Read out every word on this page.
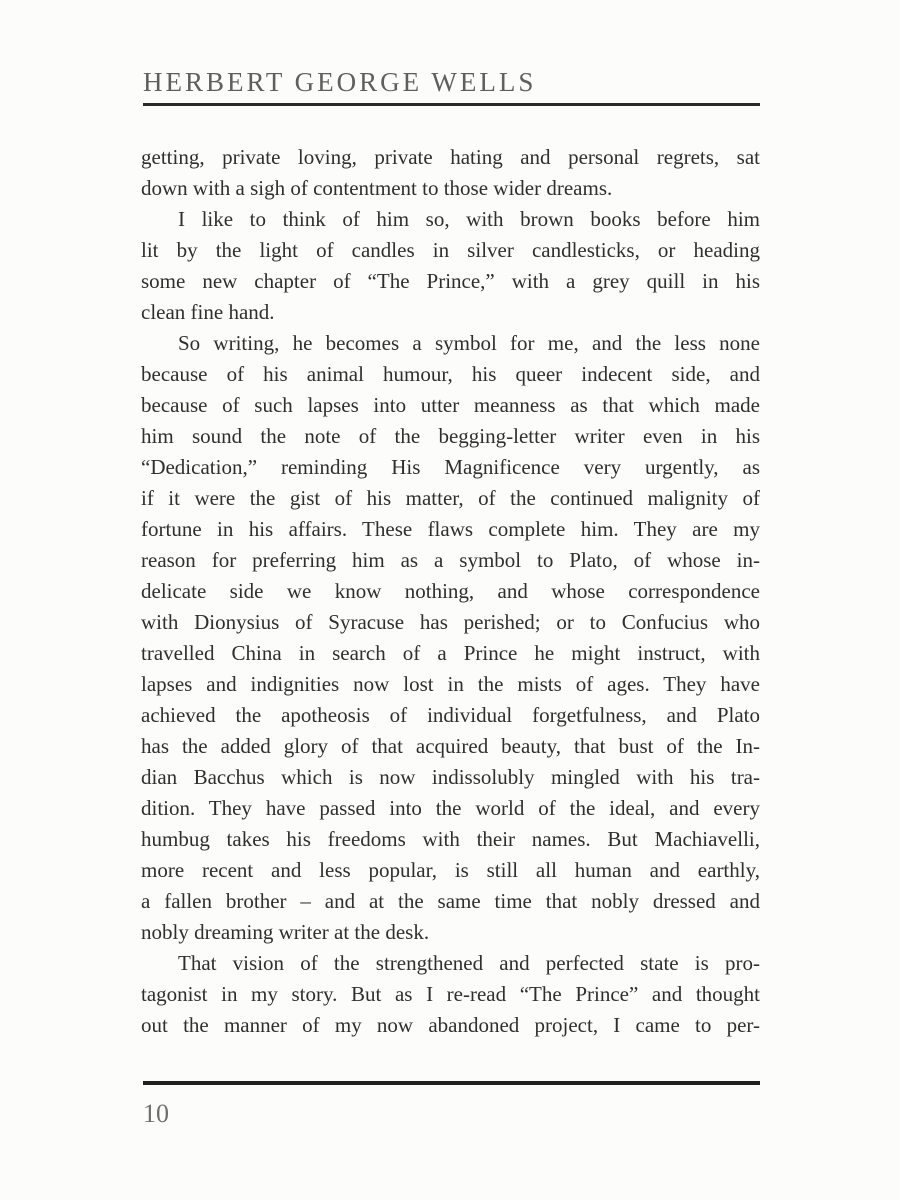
HERBERT GEORGE WELLS
getting, private loving, private hating and personal regrets, sat
down with a sigh of contentment to those wider dreams.
I like to think of him so, with brown books before him
lit by the light of candles in silver candlesticks, or heading
some new chapter of “The Prince,” with a grey quill in his
clean fine hand.
So writing, he becomes a symbol for me, and the less none
because of his animal humour, his queer indecent side, and
because of such lapses into utter meanness as that which made
him sound the note of the begging-letter writer even in his
“Dedication,” reminding His Magnificence very urgently, as
if it were the gist of his matter, of the continued malignity of
fortune in his affairs. These flaws complete him. They are my
reason for preferring him as a symbol to Plato, of whose in-
delicate side we know nothing, and whose correspondence
with Dionysius of Syracuse has perished; or to Confucius who
travelled China in search of a Prince he might instruct, with
lapses and indignities now lost in the mists of ages. They have
achieved the apotheosis of individual forgetfulness, and Plato
has the added glory of that acquired beauty, that bust of the In-
dian Bacchus which is now indissolubly mingled with his tra-
dition. They have passed into the world of the ideal, and every
humbug takes his freedoms with their names. But Machiavelli,
more recent and less popular, is still all human and earthly,
a fallen brother – and at the same time that nobly dressed and
nobly dreaming writer at the desk.
That vision of the strengthened and perfected state is pro-
tagonist in my story. But as I re-read “The Prince” and thought
out the manner of my now abandoned project, I came to per-
10
